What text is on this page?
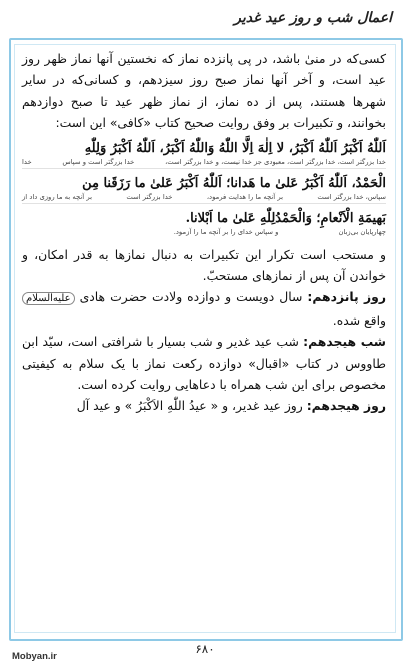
اعمال شب و روز عید غدیر

کسی‌که در منیٰ باشد، در پی پانزده نماز که نخستین آنها نماز ظهر روز عید است، و آخر آنها نماز صبح روز سیزدهم، و کسانی‌که در سایر شهرها هستند، پس از ده نماز، از نماز ظهر عید تا صبح دوازدهم بخوانند، و تکبیرات بر وفق روایت صحیح کتاب «کافی» این است:

اَللّٰهُ اَکْبَرُ اَللّٰهُ اَکْبَرُ، لا اِلٰهَ اِلَّا اللّٰهُ وَاللّٰهُ اَکْبَرُ، اَللّٰهُ اَکْبَرُ وَلِلّٰهِ
خدا بزرگتر است، خدا بزرگتر است، معبودی جز خدا نیست، و خدا بزرگتر است،
خدا بزرگتر است و سپاس
خدا
الْحَمْدُ، اَللّٰهُ اَکْبَرُ عَلیٰ ما هَدانا؛ اَللّٰهُ اَکْبَرُ عَلیٰ ما رَزَقَنا مِن
سپاس، خدا بزرگتر است
بر آنچه ما را هدایت فرمود،
خدا بزرگتر است
بر آنچه به ما روزی داد از
بَهیمَةِ الْاَنْعامِ؛ وَالْحَمْدُلِلّٰهِ عَلیٰ ما اَبْلانا.
چهارپایان بی‌زبان
و سپاس خدای را بر آنچه ما را آزمود.

و مستحب است تکرار این تکبیرات به دنبال نمازها به قدر امکان، و خواندن آن پس از نمازهای مستحبّ.

روز پانزدهم: سال دویست و دوازده ولادت حضرت هادی علیه‌السلام واقع شده.

شب هیجدهم: شب عید غدیر و شب بسیار با شرافتی است، سیّد ابن طاووس در کتاب «اقبال» دوازده رکعت نماز با یک سلام به کیفیتی مخصوص برای این شب همراه با دعاهایی روایت کرده است.

روز هیجدهم: روز عید غدیر، و « عیدُ اللّٰهِ الاَکْبَرُ » و عید آل

۶۸۰
Mobyan.ir
